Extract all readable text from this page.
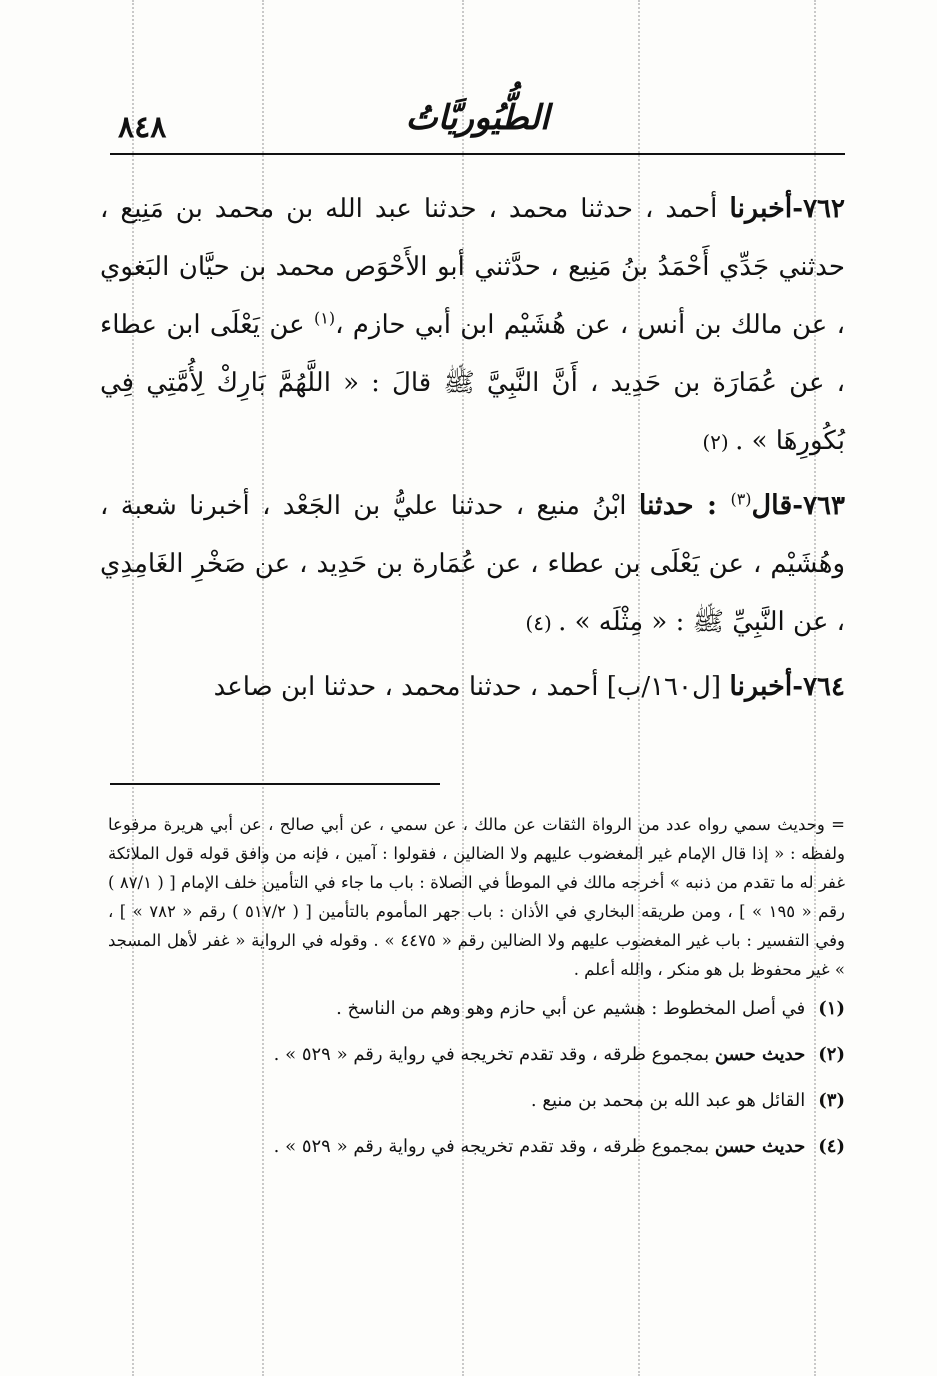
٨٤٨	الطُّيُوريَّاتُ

٧٦٢-أخبرنا أحمد ، حدثنا محمد ، حدثنا عبد الله بن محمد بن مَنِيع ، حدثني جَدِّي أَحْمَدُ بنُ مَنِيع ، حدَّثني أبو الأَحْوَص محمد بن حيَّان البَغوي ، عن مالك بن أنس ، عن هُشَيْم ابن أبي حازم ،$^{(١)}$ عن يَعْلَى ابن عطاء ، عن عُمَارَة بن حَدِيد ، أَنَّ النَّبِيَّ ﷺ قالَ : « اللَّهُمَّ بَارِكْ لِأُمَّتِي فِي بُكُورِهَا » . (٢)

٧٦٣-قال$^{(٣)}$ : حدثنا ابْنُ منيع ، حدثنا عليُّ بن الجَعْد ، أخبرنا شعبة ، وهُشَيْم ، عن يَعْلَى بن عطاء ، عن عُمَارة بن حَدِيد ، عن صَخْرِ الغَامِدِي ، عن النَّبِيِّ ﷺ : « مِثْلَه » . (٤)

٧٦٤-أخبرنا [ل١٦٠/ب] أحمد ، حدثنا محمد ، حدثنا ابن صاعد

= وحديث سمي رواه عدد من الرواة الثقات عن مالك ، عن سمي ، عن أبي صالح ، عن أبي هريرة مرفوعا ولفظه : « إذا قال الإمام غير المغضوب عليهم ولا الضالين ، فقولوا : آمين ، فإنه من وافق قوله قول الملائكة غفر له ما تقدم من ذنبه » أخرجه مالك في الموطأ في الصلاة : باب ما جاء في التأمين خلف الإمام [ ( ٨٧/١ ) رقم « ١٩٥ » ] ، ومن طريقه البخاري في الأذان : باب جهر المأموم بالتأمين [ ( ٥١٧/٢ ) رقم « ٧٨٢ » ] ، وفي التفسير : باب غير المغضوب عليهم ولا الضالين رقم « ٤٤٧٥ » . وقوله في الرواية « غفر لأهل المسجد » غير محفوظ بل هو منكر ، والله أعلم .

(١) في أصل المخطوط : هشيم عن أبي حازم وهو وهم من الناسخ .

(٢) حديث حسن بمجموع طرقه ، وقد تقدم تخريجه في رواية رقم « ٥٢٩ » .

(٣) القائل هو عبد الله بن محمد بن منيع .

(٤) حديث حسن بمجموع طرقه ، وقد تقدم تخريجه في رواية رقم « ٥٢٩ » .
